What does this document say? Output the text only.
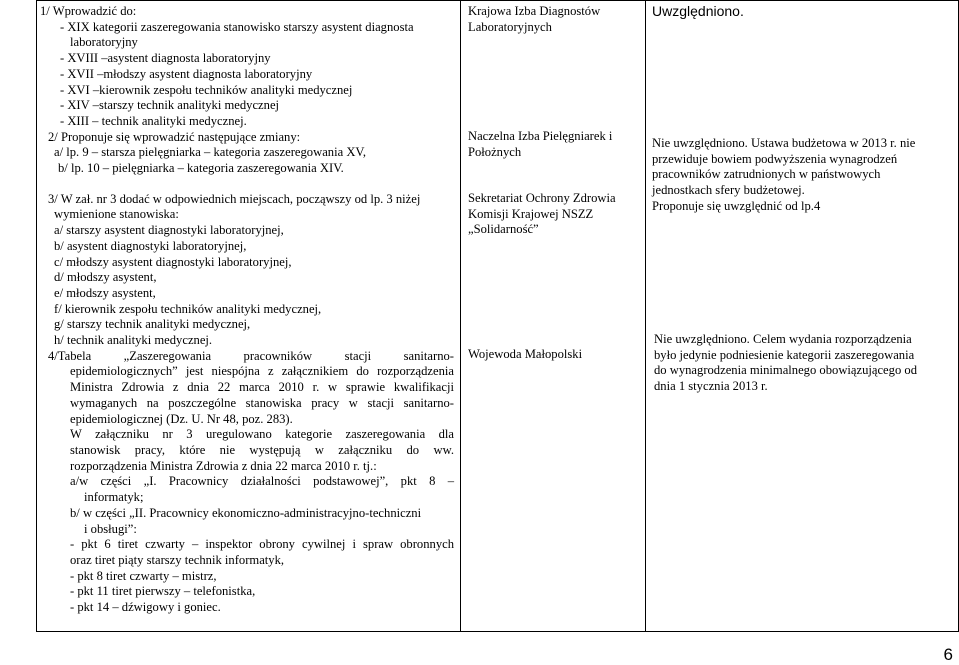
1/ Wprowadzić do:
- XIX kategorii zaszeregowania stanowisko starszy asystent diagnosta
laboratoryjny
- XVIII –asystent diagnosta laboratoryjny
- XVII –młodszy asystent diagnosta laboratoryjny
- XVI –kierownik zespołu techników analityki medycznej
- XIV –starszy technik analityki medycznej
- XIII – technik analityki medycznej.
2/ Proponuje się wprowadzić następujące zmiany:
a/ lp. 9 – starsza pielęgniarka – kategoria zaszeregowania XV,
b/ lp. 10 – pielęgniarka – kategoria zaszeregowania XIV.
3/ W zał. nr 3 dodać w odpowiednich miejscach, począwszy od lp. 3 niżej
wymienione stanowiska:
a/ starszy asystent diagnostyki laboratoryjnej,
b/ asystent diagnostyki laboratoryjnej,
c/ młodszy asystent diagnostyki laboratoryjnej,
d/ młodszy asystent,
e/ młodszy asystent,
f/ kierownik zespołu techników analityki medycznej,
g/ starszy technik analityki medycznej,
h/ technik analityki medycznej.
4/Tabela „Zaszeregowania pracowników stacji sanitarno-
epidemiologicznych” jest niespójna z załącznikiem do rozporządzenia
Ministra Zdrowia z dnia 22 marca 2010 r. w sprawie kwalifikacji
wymaganych na poszczególne stanowiska pracy w stacji sanitarno-
epidemiologicznej (Dz. U. Nr 48, poz. 283).
W załączniku nr 3 uregulowano kategorie zaszeregowania dla
stanowisk pracy, które nie występują w załączniku do ww.
rozporządzenia Ministra Zdrowia z dnia 22 marca 2010 r. tj.:
a/w części „I. Pracownicy działalności podstawowej”, pkt 8 –
informatyk;
b/ w części „II. Pracownicy ekonomiczno-administracyjno-techniczni
i obsługi”:
- pkt 6 tiret czwarty – inspektor obrony cywilnej i spraw obronnych
oraz tiret piąty starszy technik informatyk,
- pkt 8 tiret czwarty – mistrz,
- pkt 11 tiret pierwszy – telefonistka,
- pkt 14 – dźwigowy i goniec.
Krajowa Izba Diagnostów
Laboratoryjnych
Naczelna Izba Pielęgniarek i
Położnych
Sekretariat Ochrony Zdrowia
Komisji Krajowej NSZZ
„Solidarność”
Wojewoda Małopolski
Uwzględniono.
Nie uwzględniono. Ustawa budżetowa w 2013 r. nie
przewiduje bowiem podwyższenia wynagrodzeń
pracowników zatrudnionych w państwowych
jednostkach sfery budżetowej.
Proponuje się uwzględnić od lp.4
Nie uwzględniono. Celem wydania rozporządzenia
było jedynie podniesienie kategorii zaszeregowania
do wynagrodzenia minimalnego obowiązującego od
dnia 1 stycznia 2013 r.
6
